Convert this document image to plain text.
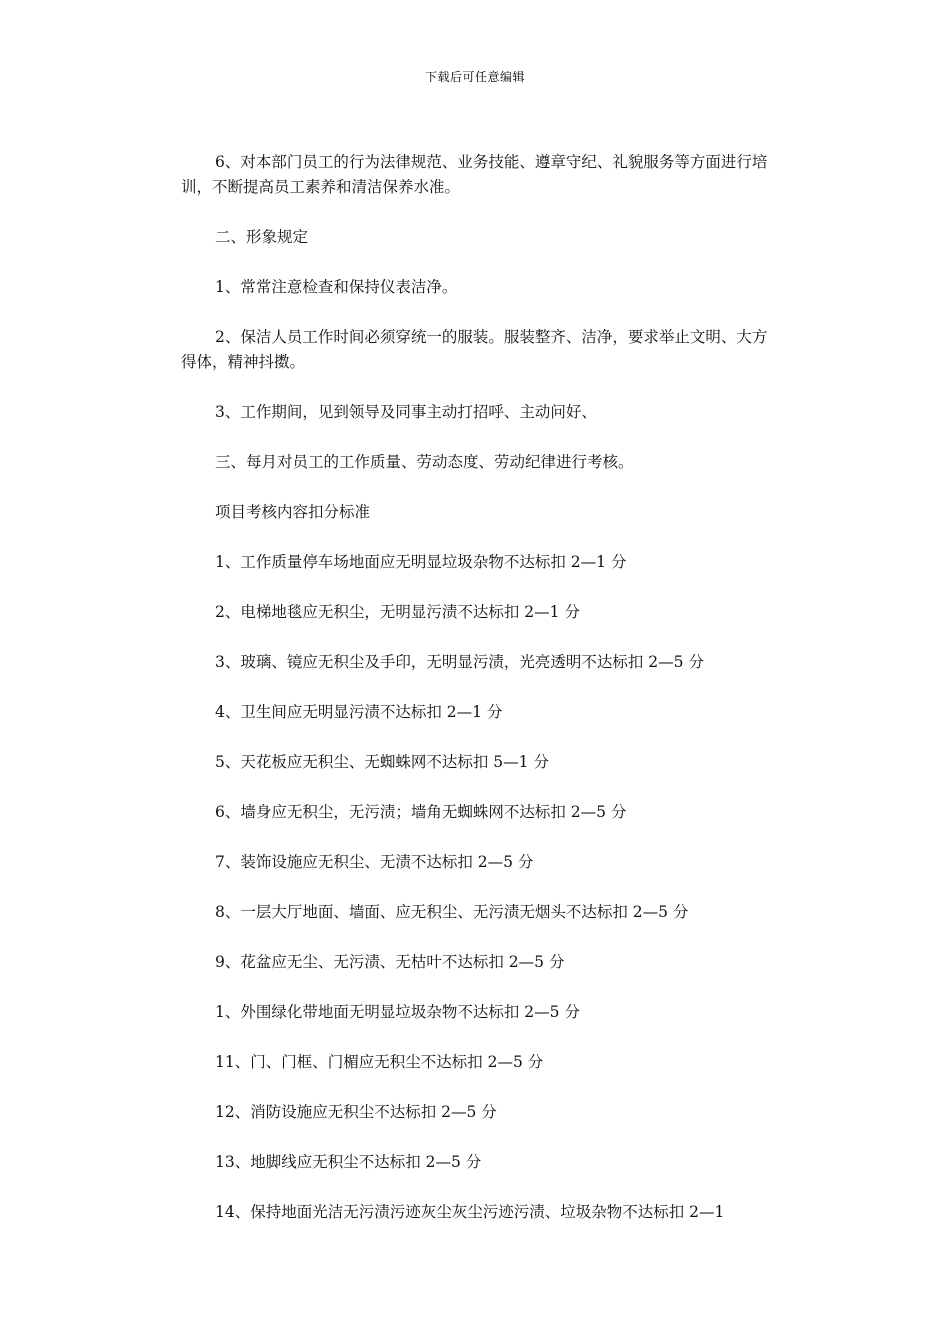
下载后可任意编辑

6、对本部门员工的行为法律规范、业务技能、遵章守纪、礼貌服务等方面进行培训，不断提高员工素养和清洁保养水准。

二、形象规定

1、常常注意检查和保持仪表洁净。

2、保洁人员工作时间必须穿统一的服装。服装整齐、洁净，要求举止文明、大方得体，精神抖擞。

3、工作期间，见到领导及同事主动打招呼、主动问好、

三、每月对员工的工作质量、劳动态度、劳动纪律进行考核。

项目考核内容扣分标准

1、工作质量停车场地面应无明显垃圾杂物不达标扣 2—1 分

2、电梯地毯应无积尘，无明显污渍不达标扣 2—1 分

3、玻璃、镜应无积尘及手印，无明显污渍，光亮透明不达标扣 2—5 分

4、卫生间应无明显污渍不达标扣 2—1 分

5、天花板应无积尘、无蜘蛛网不达标扣 5—1 分

6、墙身应无积尘，无污渍；墙角无蜘蛛网不达标扣 2—5 分

7、装饰设施应无积尘、无渍不达标扣 2—5 分

8、一层大厅地面、墙面、应无积尘、无污渍无烟头不达标扣 2—5 分

9、花盆应无尘、无污渍、无枯叶不达标扣 2—5 分

1、外围绿化带地面无明显垃圾杂物不达标扣 2—5 分

11、门、门框、门楣应无积尘不达标扣 2—5 分

12、消防设施应无积尘不达标扣 2—5 分

13、地脚线应无积尘不达标扣 2—5 分

14、保持地面光洁无污渍污迹灰尘灰尘污迹污渍、垃圾杂物不达标扣 2—1
